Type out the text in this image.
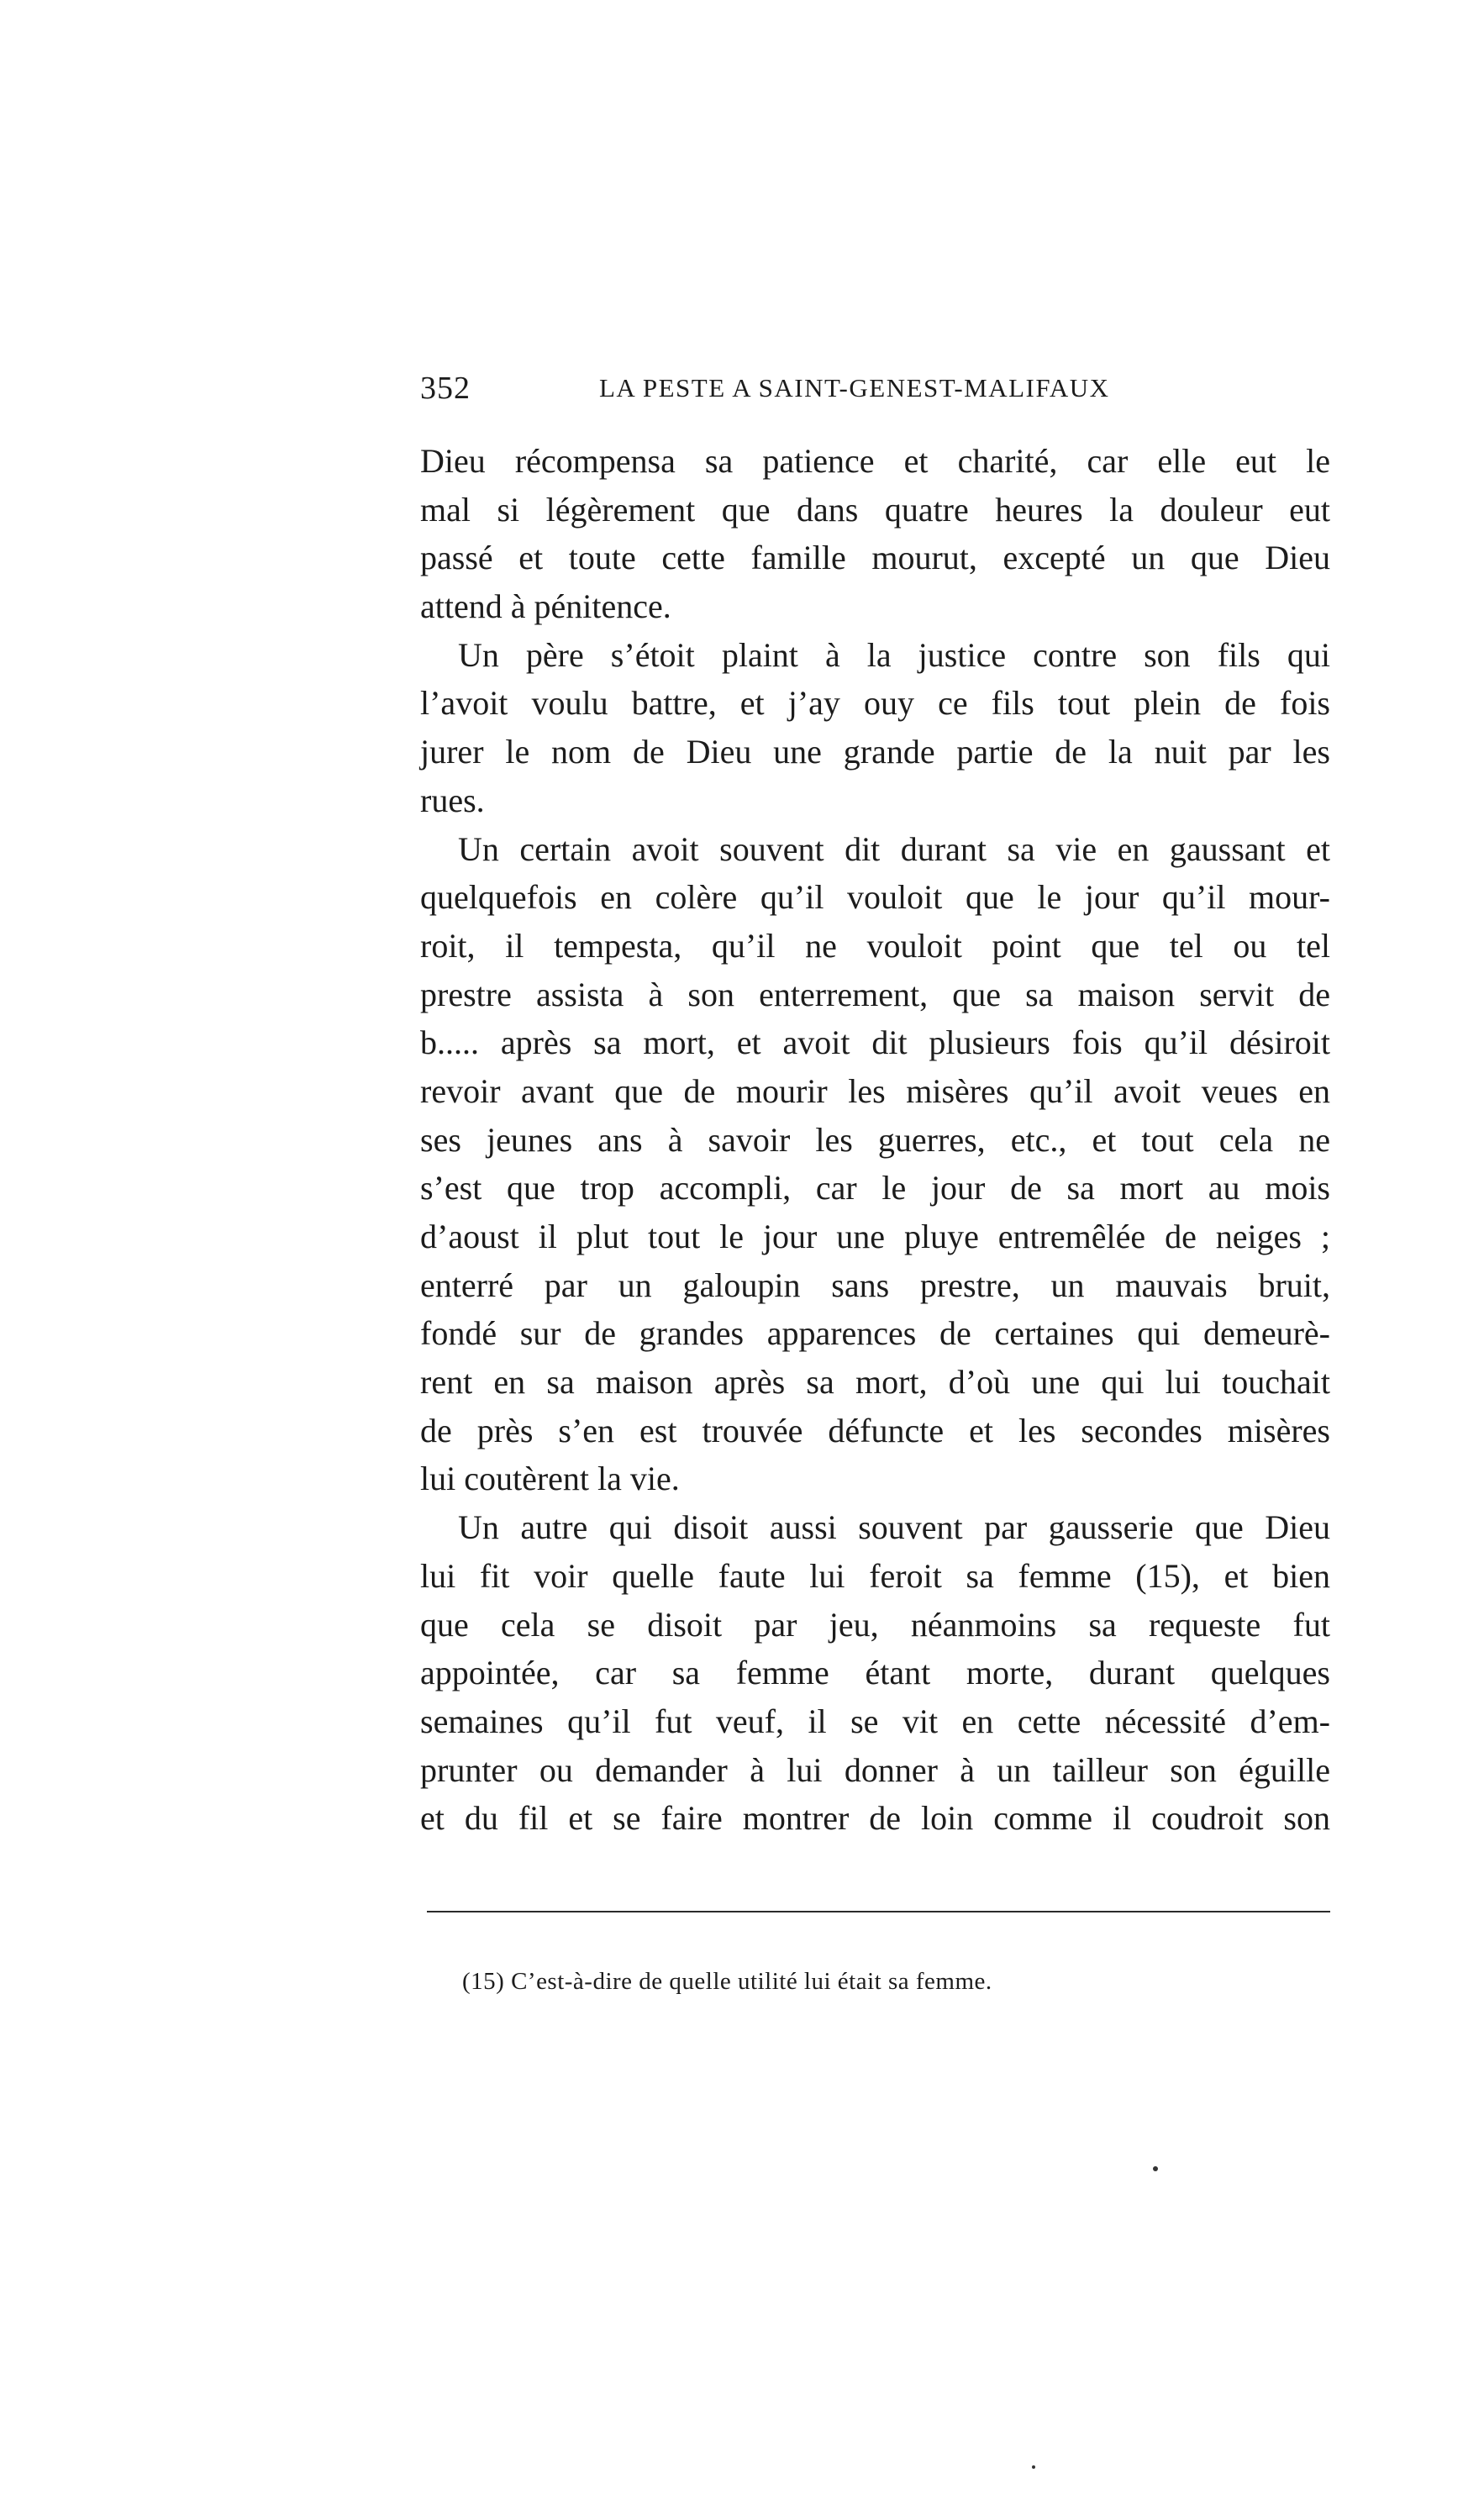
352	LA PESTE A SAINT-GENEST-MALIFAUX
Dieu récompensa sa patience et charité, car elle eut le
mal si légèrement que dans quatre heures la douleur eut
passé et toute cette famille mourut, excepté un que Dieu
attend à pénitence.
Un père s’étoit plaint à la justice contre son fils qui
l’avoit voulu battre, et j’ay ouy ce fils tout plein de fois
jurer le nom de Dieu une grande partie de la nuit par les
rues.
Un certain avoit souvent dit durant sa vie en gaussant et
quelquefois en colère qu’il vouloit que le jour qu’il mour-
roit, il tempesta, qu’il ne vouloit point que tel ou tel
prestre assista à son enterrement, que sa maison servit de
b..... après sa mort, et avoit dit plusieurs fois qu’il désiroit
revoir avant que de mourir les misères qu’il avoit veues en
ses jeunes ans à savoir les guerres, etc., et tout cela ne
s’est que trop accompli, car le jour de sa mort au mois
d’aoust il plut tout le jour une pluye entremêlée de neiges ;
enterré par un galoupin sans prestre, un mauvais bruit,
fondé sur de grandes apparences de certaines qui demeurè-
rent en sa maison après sa mort, d’où une qui lui touchait
de près s’en est trouvée défuncte et les secondes misères
lui coutèrent la vie.
Un autre qui disoit aussi souvent par gausserie que Dieu
lui fit voir quelle faute lui feroit sa femme (15), et bien
que cela se disoit par jeu, néanmoins sa requeste fut
appointée, car sa femme étant morte, durant quelques
semaines qu’il fut veuf, il se vit en cette nécessité d’em-
prunter ou demander à lui donner à un tailleur son éguille
et du fil et se faire montrer de loin comme il coudroit son
(15) C’est-à-dire de quelle utilité lui était sa femme.
